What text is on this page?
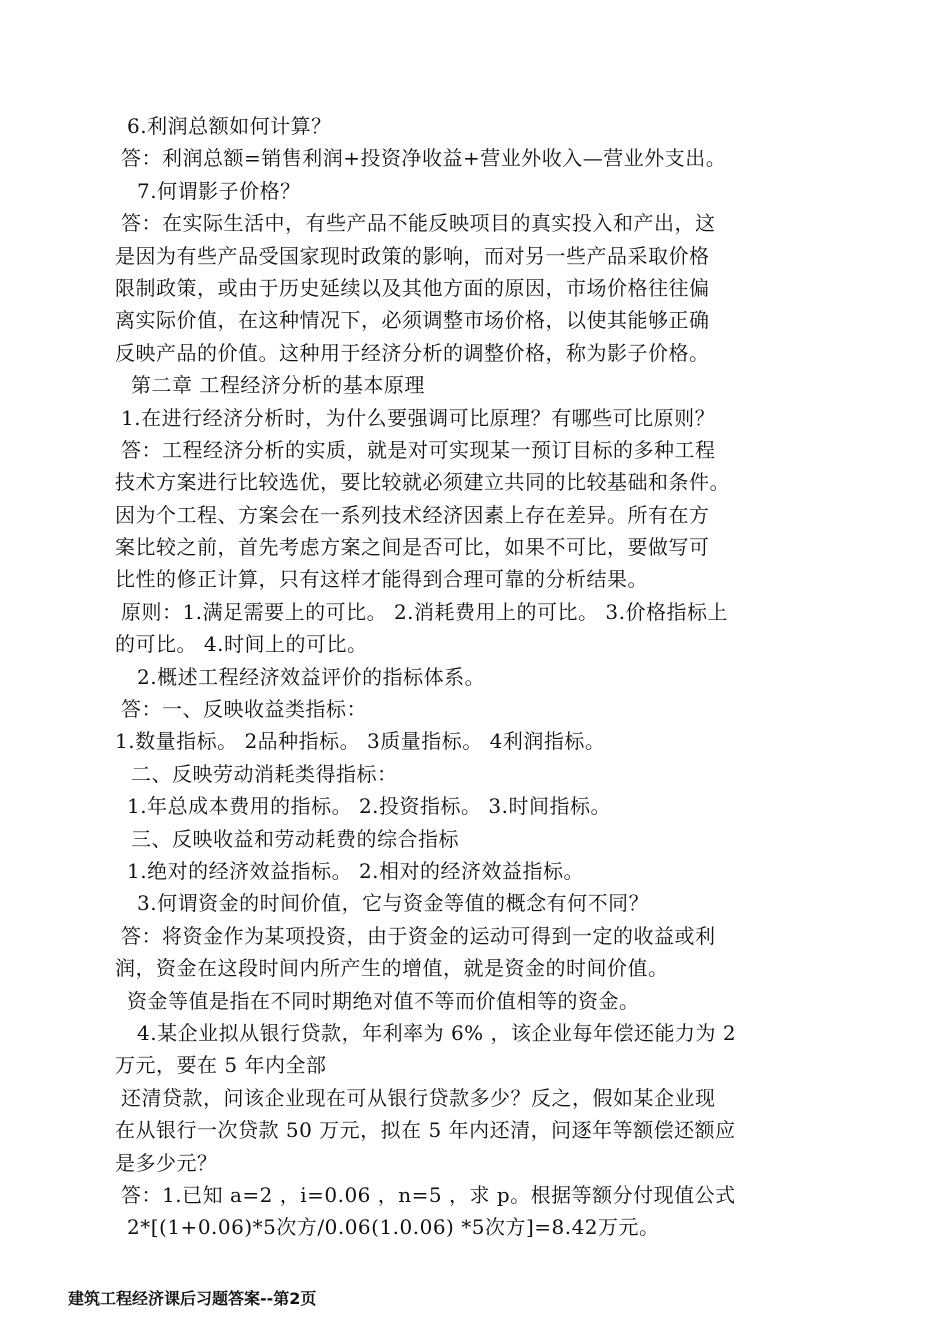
6.利润总额如何计算？
答：利润总额=销售利润+投资净收益+营业外收入—营业外支出。
7.何谓影子价格？
答：在实际生活中，有些产品不能反映项目的真实投入和产出，这
是因为有些产品受国家现时政策的影响，而对另一些产品采取价格
限制政策，或由于历史延续以及其他方面的原因，市场价格往往偏
离实际价值，在这种情况下，必须调整市场价格，以使其能够正确
反映产品的价值。这种用于经济分析的调整价格，称为影子价格。
第二章 工程经济分析的基本原理
1.在进行经济分析时，为什么要强调可比原理？有哪些可比原则？
答：工程经济分析的实质，就是对可实现某一预订目标的多种工程
技术方案进行比较选优，要比较就必须建立共同的比较基础和条件。
因为个工程、方案会在一系列技术经济因素上存在差异。所有在方
案比较之前，首先考虑方案之间是否可比，如果不可比，要做写可
比性的修正计算，只有这样才能得到合理可靠的分析结果。
原则：1.满足需要上的可比。 2.消耗费用上的可比。 3.价格指标上
的可比。 4.时间上的可比。
2.概述工程经济效益评价的指标体系。
答：一、反映收益类指标：
1.数量指标。 2品种指标。 3质量指标。 4利润指标。
二、反映劳动消耗类得指标：
1.年总成本费用的指标。 2.投资指标。 3.时间指标。
三、反映收益和劳动耗费的综合指标
1.绝对的经济效益指标。 2.相对的经济效益指标。
3.何谓资金的时间价值，它与资金等值的概念有何不同？
答：将资金作为某项投资，由于资金的运动可得到一定的收益或利
润，资金在这段时间内所产生的增值，就是资金的时间价值。
资金等值是指在不同时期绝对值不等而价值相等的资金。
4.某企业拟从银行贷款，年利率为 6% ，该企业每年偿还能力为 2
万元，要在 5 年内全部
还清贷款，问该企业现在可从银行贷款多少？反之，假如某企业现
在从银行一次贷款 50 万元，拟在 5 年内还清，问逐年等额偿还额应
是多少元？
答：1.已知 a=2 ，i=0.06 ，n=5 ，求 p。根据等额分付现值公式
2*[(1+0.06)*5次方/0.06(1.0.06) *5次方]=8.42万元。
建筑工程经济课后习题答案--第2页
